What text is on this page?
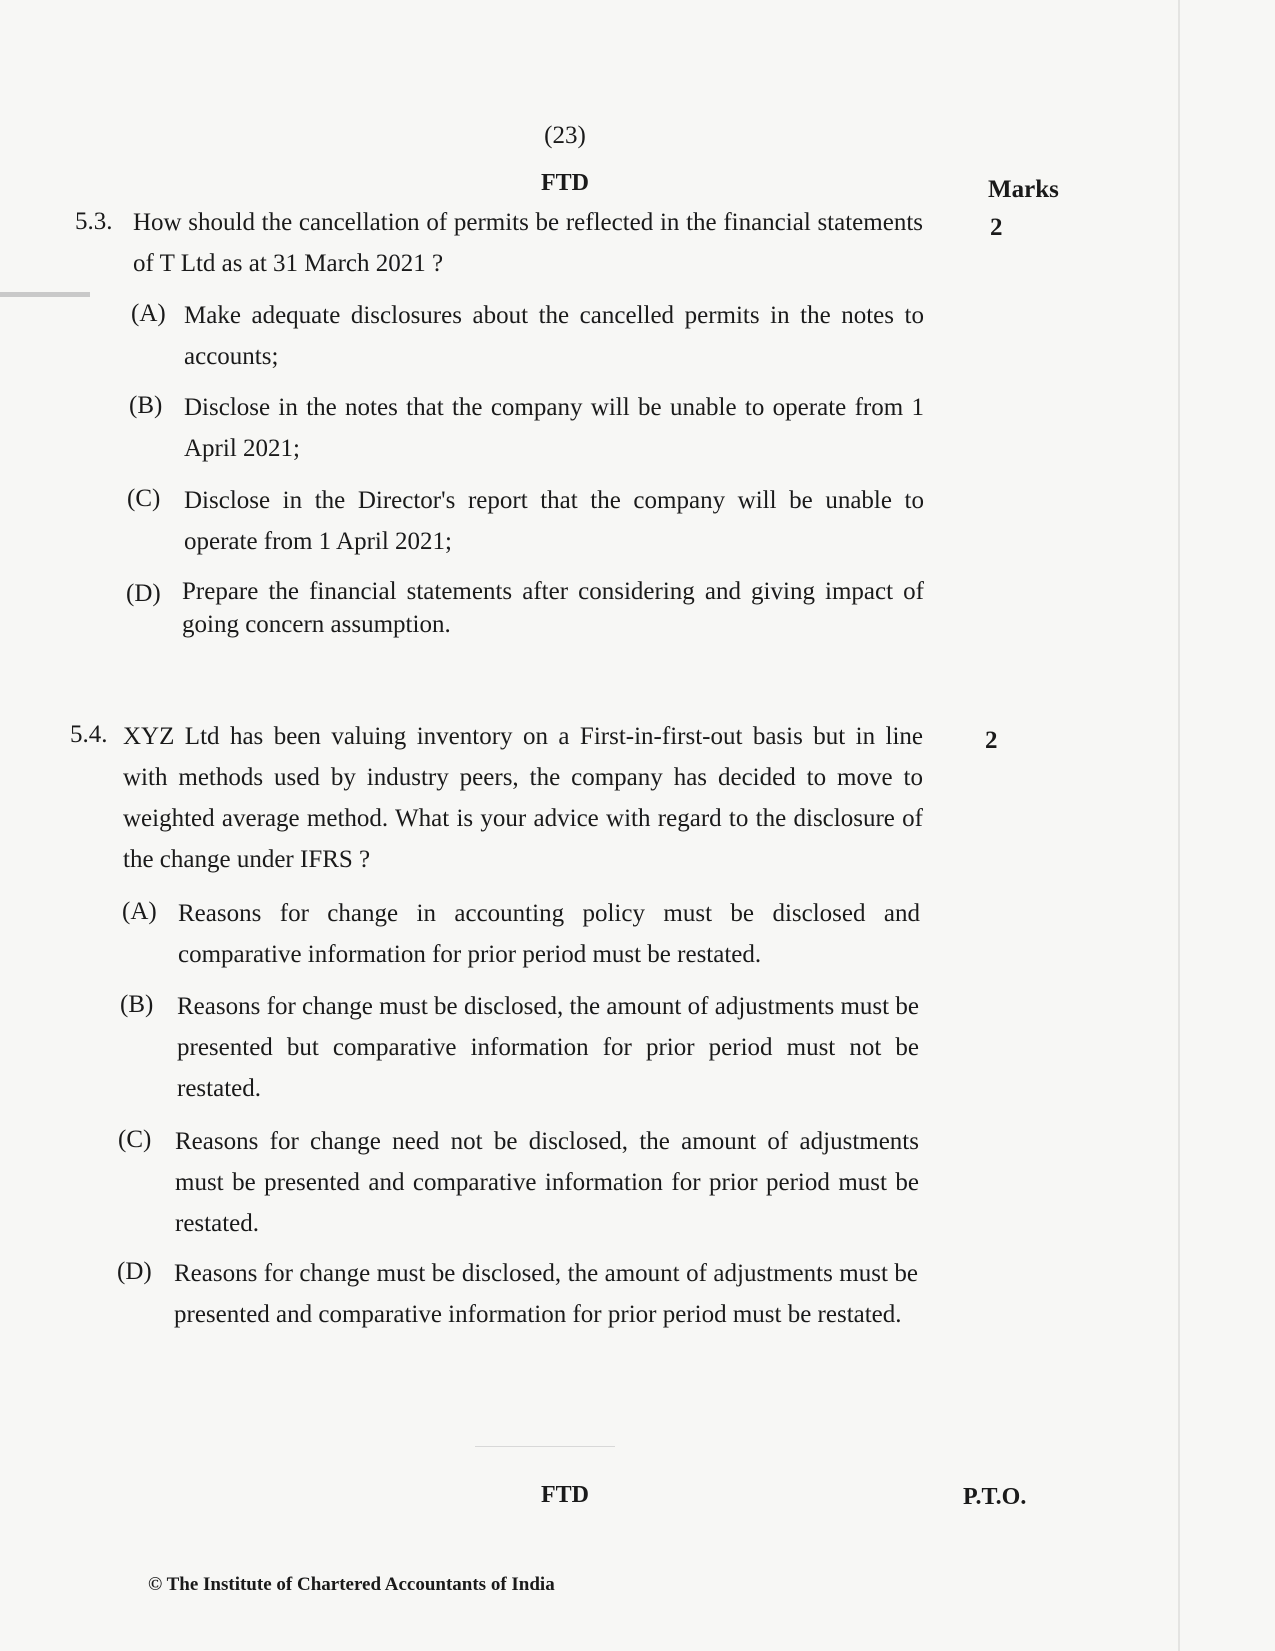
(23)
FTD	Marks
5.3. How should the cancellation of permits be reflected in the financial statements of T Ltd as at 31 March 2021 ?
2
(A) Make adequate disclosures about the cancelled permits in the notes to accounts;
(B) Disclose in the notes that the company will be unable to operate from 1 April 2021;
(C) Disclose in the Director's report that the company will be unable to operate from 1 April 2021;
(D) Prepare the financial statements after considering and giving impact of going concern assumption.
5.4. XYZ Ltd has been valuing inventory on a First-in-first-out basis but in line with methods used by industry peers, the company has decided to move to weighted average method. What is your advice with regard to the disclosure of the change under IFRS ?
2
(A) Reasons for change in accounting policy must be disclosed and comparative information for prior period must be restated.
(B) Reasons for change must be disclosed, the amount of adjustments must be presented but comparative information for prior period must not be restated.
(C) Reasons for change need not be disclosed, the amount of adjustments must be presented and comparative information for prior period must be restated.
(D) Reasons for change must be disclosed, the amount of adjustments must be presented and comparative information for prior period must be restated.
FTD	P.T.O.
© The Institute of Chartered Accountants of India
